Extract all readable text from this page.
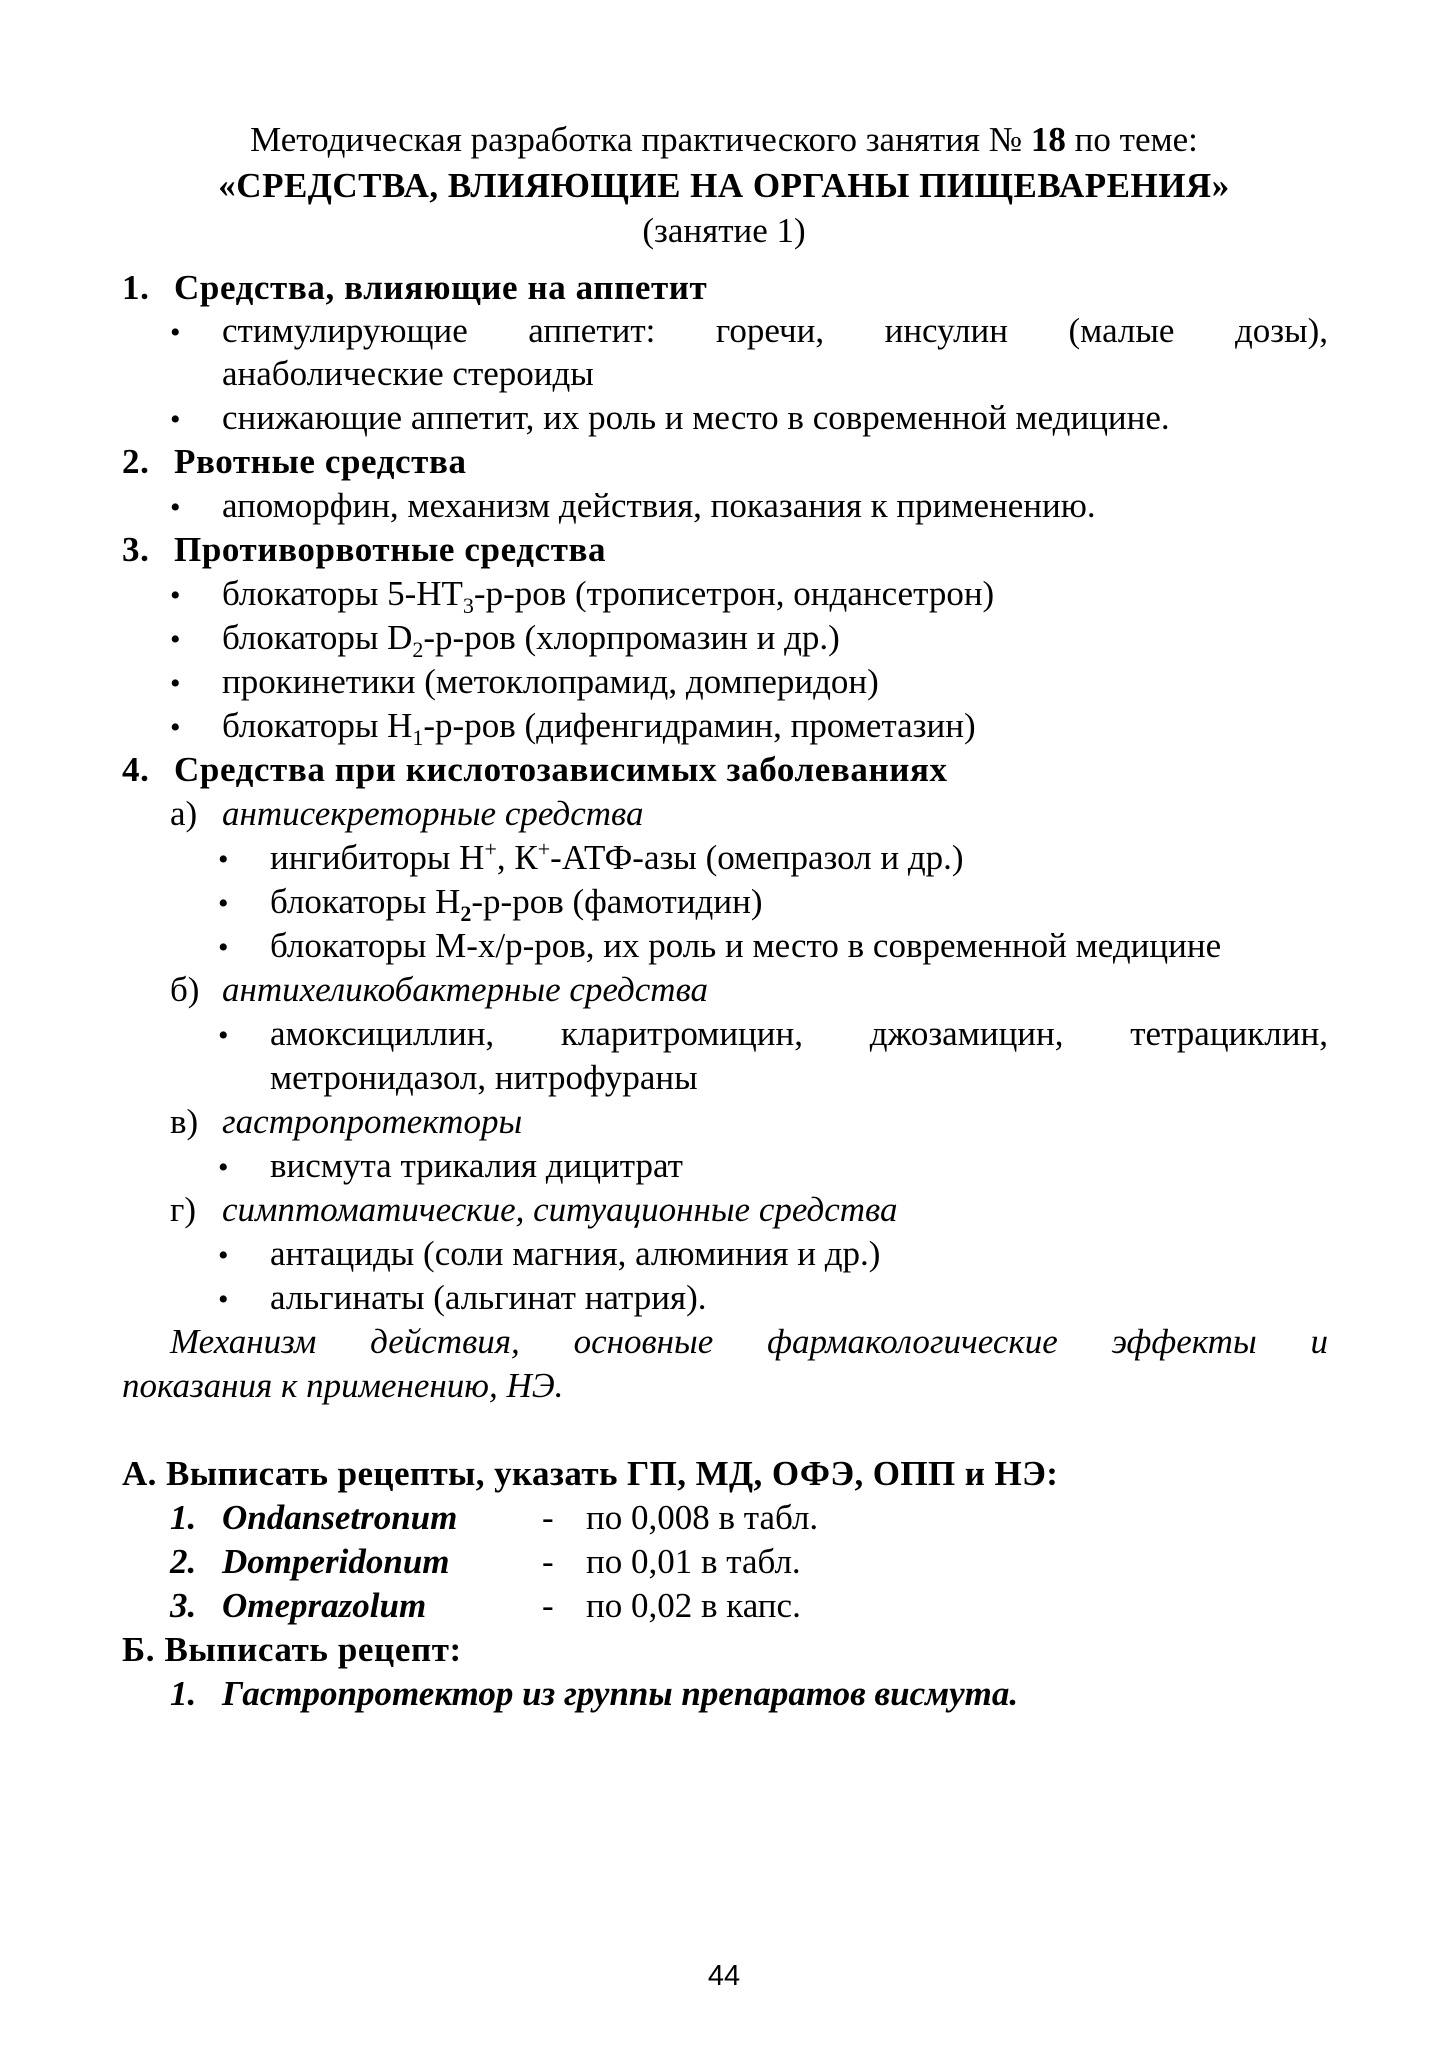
Методическая разработка практического занятия № 18 по теме:
«СРЕДСТВА, ВЛИЯЮЩИЕ НА ОРГАНЫ ПИЩЕВАРЕНИЯ»
(занятие 1)
1. Средства, влияющие на аппетит
• стимулирующие аппетит: горечи, инсулин (малые дозы),
анаболические стероиды
• снижающие аппетит, их роль и место в современной медицине.
2. Рвотные средства
• апоморфин, механизм действия, показания к применению.
3. Противорвотные средства
• блокаторы $5-НТ_3-р$-ров (трописетрон, ондансетрон)
• блокаторы $D_2-р$-ров (хлорпромазин и др.)
• прокинетики (метоклопрамид, домперидон)
• блокаторы $Н_1-р$-ров (дифенгидрамин, прометазин)
4. Средства при кислотозависимых заболеваниях
а) антисекреторные средства
• ингибиторы Н+, К+-АТФ-азы (омепразол и др.)
• блокаторы $Н_2-р$-ров (фамотидин)
• блокаторы М-х/р-ров, их роль и место в современной медицине
б) антихеликобактерные средства
• амоксициллин, кларитромицин, джозамицин, тетрациклин,
метронидазол, нитрофураны
в) гастропротекторы
• висмута трикалия дицитрат
г) симптоматические, ситуационные средства
• антациды (соли магния, алюминия и др.)
• альгинаты (альгинат натрия).
Механизм действия, основные фармакологические эффекты и
показания к применению, НЭ.
А. Выписать рецепты, указать ГП, МД, ОФЭ, ОПП и НЭ:
1. Ondansetronum - по 0,008 в табл.
2. Domperidonum	- по 0,01 в табл.
3. Omeprazolum	- по 0,02 в капс.
Б. Выписать рецепт:
1. Гастропротектор из группы препаратов висмута.
44
